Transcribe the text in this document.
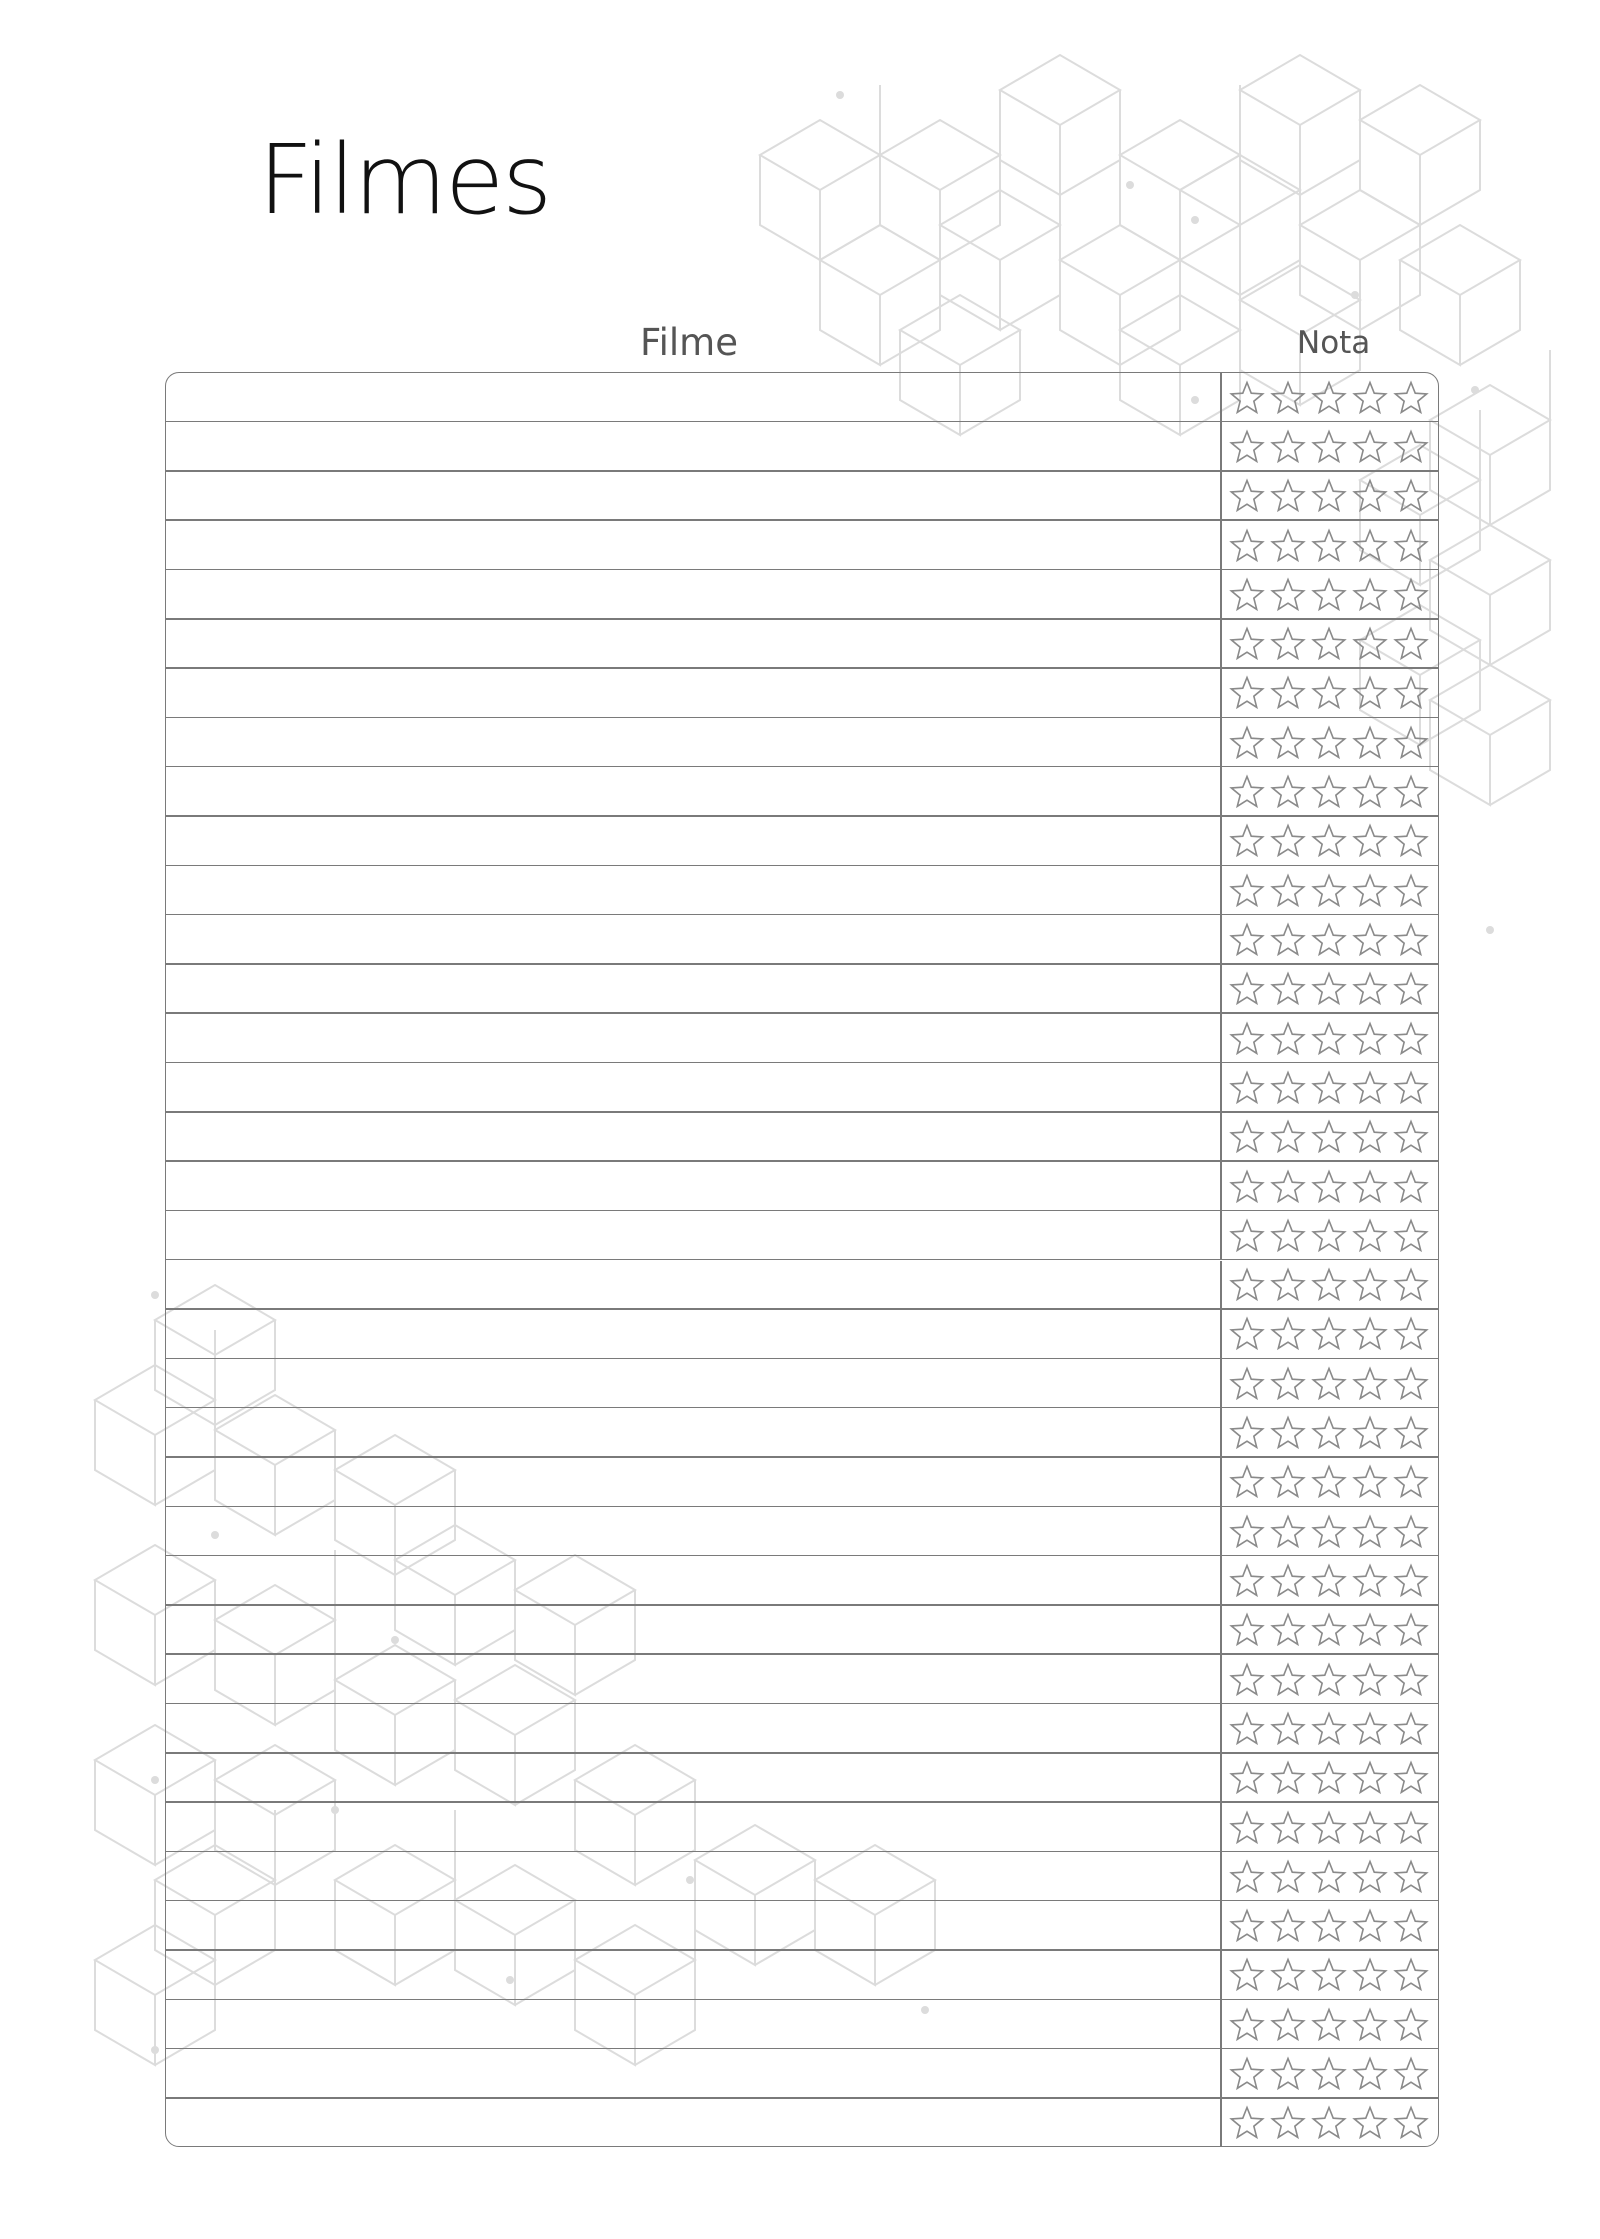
Filmes
Filme	Nota
